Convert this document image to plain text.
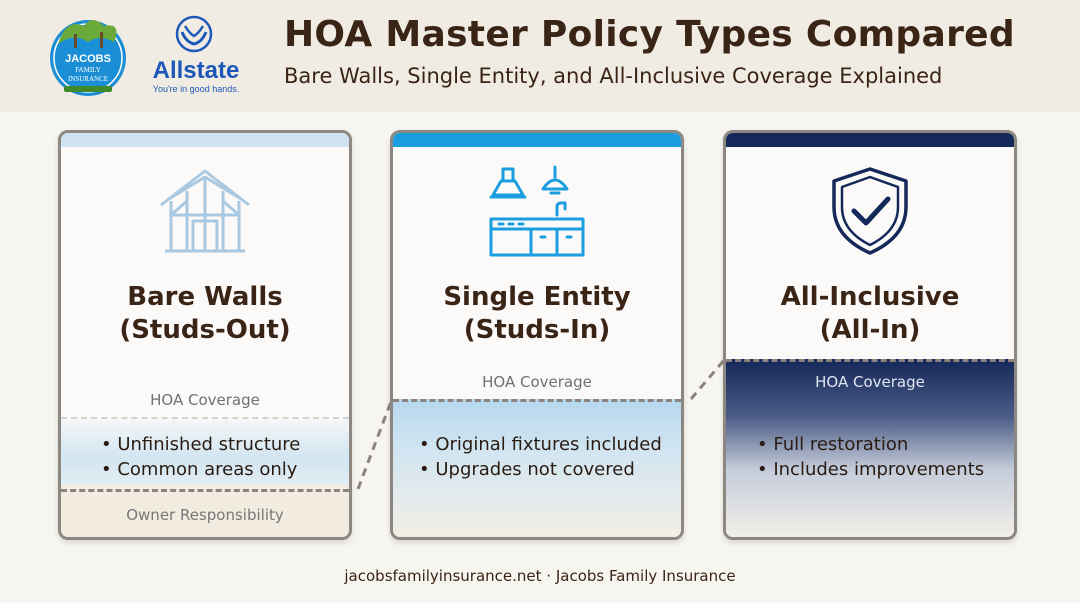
JACOBS
FAMILY
INSURANCE Allstate
You're in good hands.
HOA Master Policy Types Compared

Bare Walls, Single Entity, and All-Inclusive Coverage Explained

Bare Walls
(Studs-Out)
HOA Coverage
• Unfinished structure
• Common areas only
Owner Responsibility
Single Entity
(Studs-In)
HOA Coverage
• Original fixtures included
• Upgrades not covered
All-Inclusive
(All-In)
HOA Coverage
• Full restoration
• Includes improvements
jacobsfamilyinsurance.net · Jacobs Family Insurance
